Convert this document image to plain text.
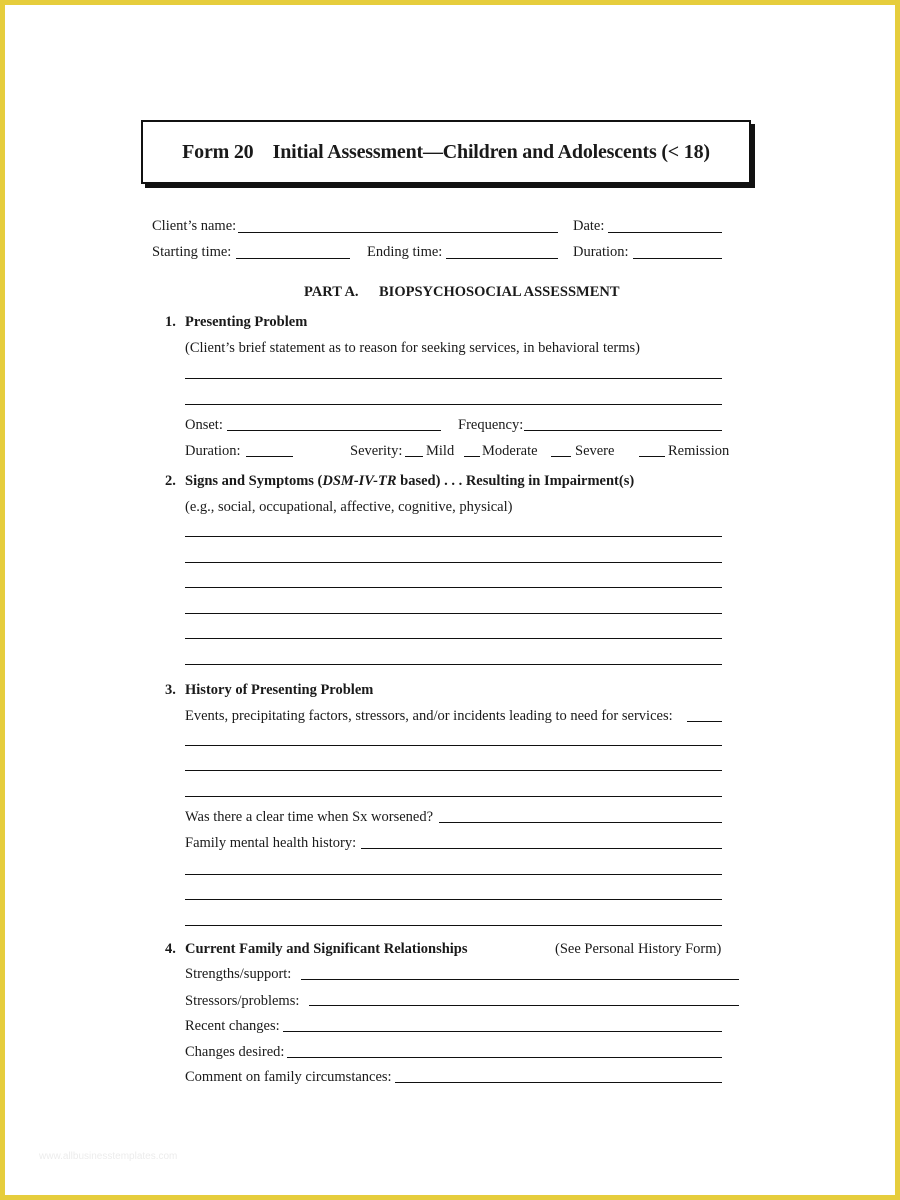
Form 20    Initial Assessment—Children and Adolescents (< 18)
Client’s name:	Date:
Starting time:	Ending time:	Duration:
PART A. BIOPSYCHOSOCIAL ASSESSMENT
1. Presenting Problem
(Client’s brief statement as to reason for seeking services, in behavioral terms)
Onset:	Frequency:
Duration:	Severity: Mild Moderate	Severe	Remission
2. Signs and Symptoms (DSM-IV-TR based) . . . Resulting in Impairment(s)
(e.g., social, occupational, affective, cognitive, physical)
3. History of Presenting Problem
Events, precipitating factors, stressors, and/or incidents leading to need for services:
Was there a clear time when Sx worsened?
Family mental health history:
4. Current Family and Significant Relationships	(See Personal History Form)
Strengths/support:
Stressors/problems:
Recent changes:
Changes desired:
Comment on family circumstances:
www.allbusinesstemplates.com
